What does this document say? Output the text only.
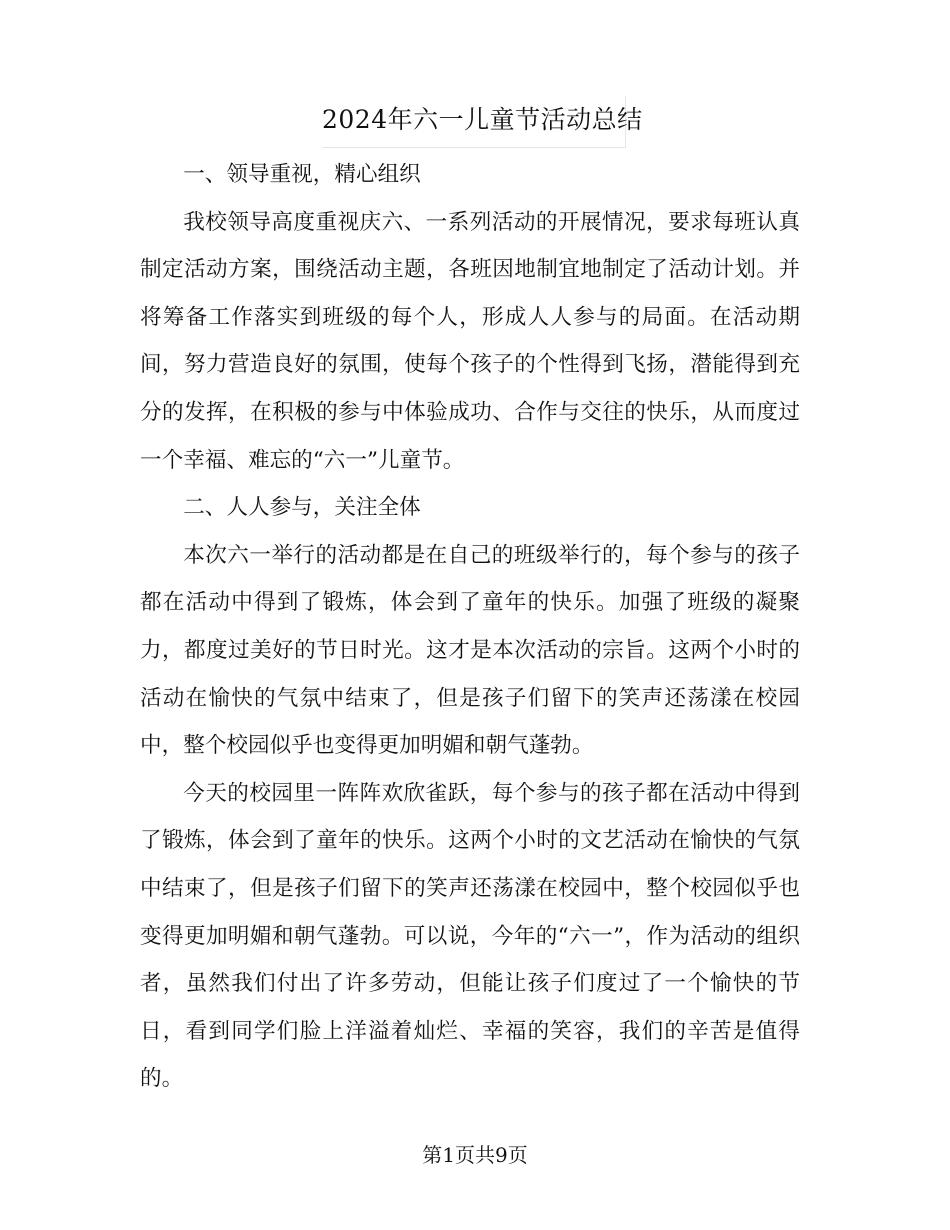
2024年六一儿童节活动总结

一、领导重视，精心组织

我校领导高度重视庆六、一系列活动的开展情况，要求每班认真制定活动方案，围绕活动主题，各班因地制宜地制定了活动计划。并将筹备工作落实到班级的每个人，形成人人参与的局面。在活动期间，努力营造良好的氛围，使每个孩子的个性得到飞扬，潜能得到充分的发挥，在积极的参与中体验成功、合作与交往的快乐，从而度过一个幸福、难忘的“六一”儿童节。

二、人人参与，关注全体

本次六一举行的活动都是在自己的班级举行的，每个参与的孩子都在活动中得到了锻炼，体会到了童年的快乐。加强了班级的凝聚力，都度过美好的节日时光。这才是本次活动的宗旨。这两个小时的活动在愉快的气氛中结束了，但是孩子们留下的笑声还荡漾在校园中，整个校园似乎也变得更加明媚和朝气蓬勃。

今天的校园里一阵阵欢欣雀跃，每个参与的孩子都在活动中得到了锻炼，体会到了童年的快乐。这两个小时的文艺活动在愉快的气氛中结束了，但是孩子们留下的笑声还荡漾在校园中，整个校园似乎也变得更加明媚和朝气蓬勃。可以说，今年的“六一”，作为活动的组织者，虽然我们付出了许多劳动，但能让孩子们度过了一个愉快的节日，看到同学们脸上洋溢着灿烂、幸福的笑容，我们的辛苦是值得的。

第1页共9页
